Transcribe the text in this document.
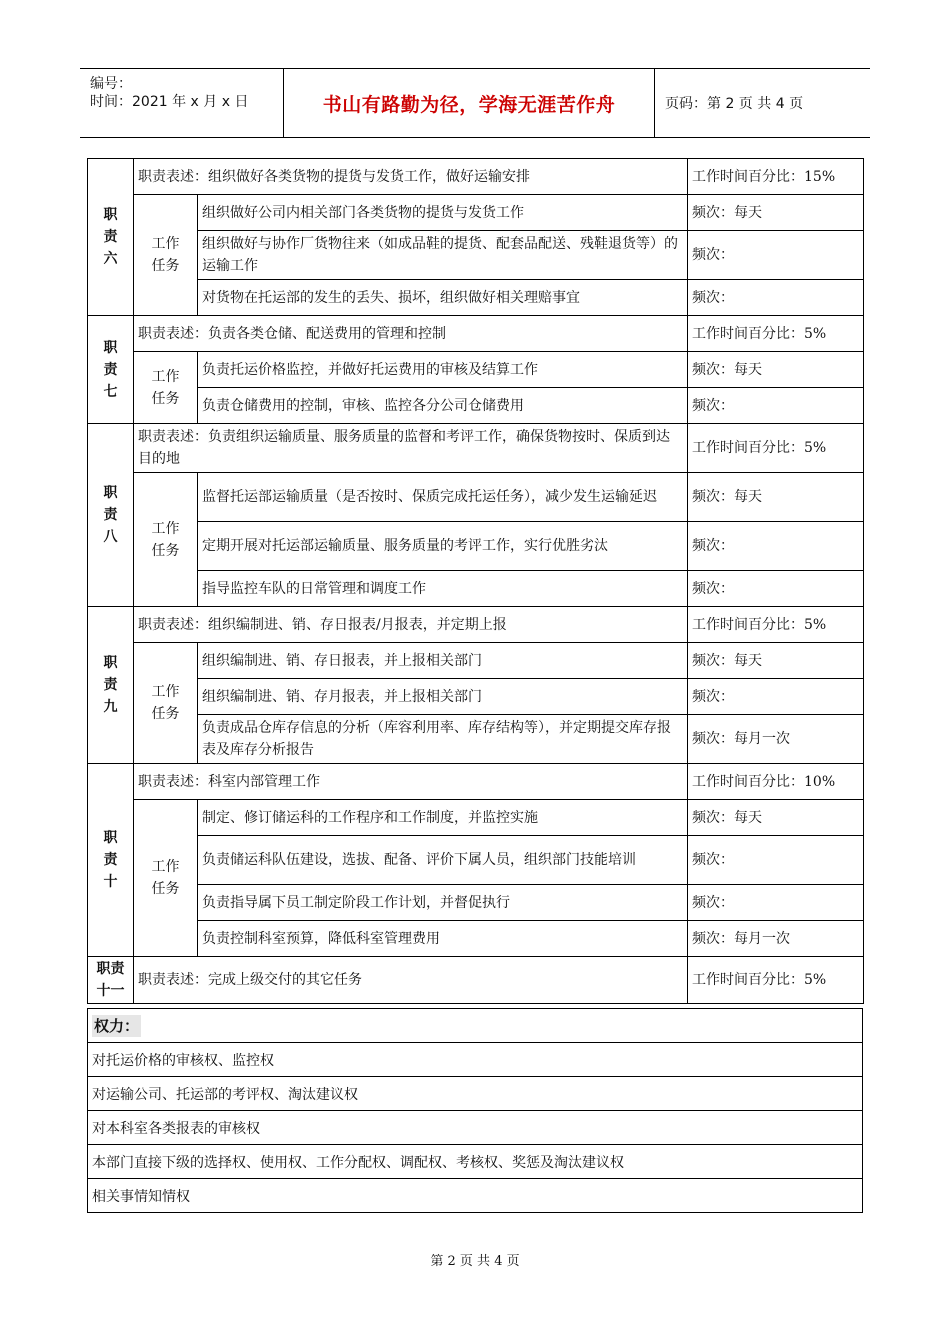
编号：
时间：2021 年 x 月 x 日	书山有路勤为径，学海无涯苦作舟	页码：第 2 页 共 4 页
职
责
六	职责表述：组织做好各类货物的提货与发货工作，做好运输安排		工作时间百分比：15%
	工作
任务	组织做好公司内相关部门各类货物的提货与发货工作	频次：每天
		组织做好与协作厂货物往来（如成品鞋的提货、配套品配送、残鞋退货等）的运输工作	频次：
		对货物在托运部的发生的丢失、损坏，组织做好相关理赔事宜	频次：
职
责
七	职责表述：负责各类仓储、配送费用的管理和控制		工作时间百分比：5%
	工作
任务	负责托运价格监控，并做好托运费用的审核及结算工作	频次：每天
		负责仓储费用的控制，审核、监控各分公司仓储费用	频次：
职
责
八	职责表述：负责组织运输质量、服务质量的监督和考评工作，确保货物按时、保质到达目的地		工作时间百分比：5%
	工作
任务	监督托运部运输质量（是否按时、保质完成托运任务），减少发生运输延迟	频次：每天
		定期开展对托运部运输质量、服务质量的考评工作，实行优胜劣汰	频次：
		指导监控车队的日常管理和调度工作	频次：
职
责
九	职责表述：组织编制进、销、存日报表/月报表，并定期上报		工作时间百分比：5%
	工作
任务	组织编制进、销、存日报表，并上报相关部门	频次：每天
		组织编制进、销、存月报表，并上报相关部门	频次：
		负责成品仓库存信息的分析（库容利用率、库存结构等），并定期提交库存报表及库存分析报告	频次：每月一次
职
责
十	职责表述：科室内部管理工作		工作时间百分比：10%
	工作
任务	制定、修订储运科的工作程序和工作制度，并监控实施	频次：每天
		负责储运科队伍建设，选拔、配备、评价下属人员，组织部门技能培训	频次：
		负责指导属下员工制定阶段工作计划，并督促执行	频次：
		负责控制科室预算，降低科室管理费用	频次：每月一次
职责
十一	职责表述：完成上级交付的其它任务		工作时间百分比：5%
权力：
对托运价格的审核权、监控权
对运输公司、托运部的考评权、淘汰建议权
对本科室各类报表的审核权
本部门直接下级的选择权、使用权、工作分配权、调配权、考核权、奖惩及淘汰建议权
相关事情知情权
第 2 页 共 4 页
